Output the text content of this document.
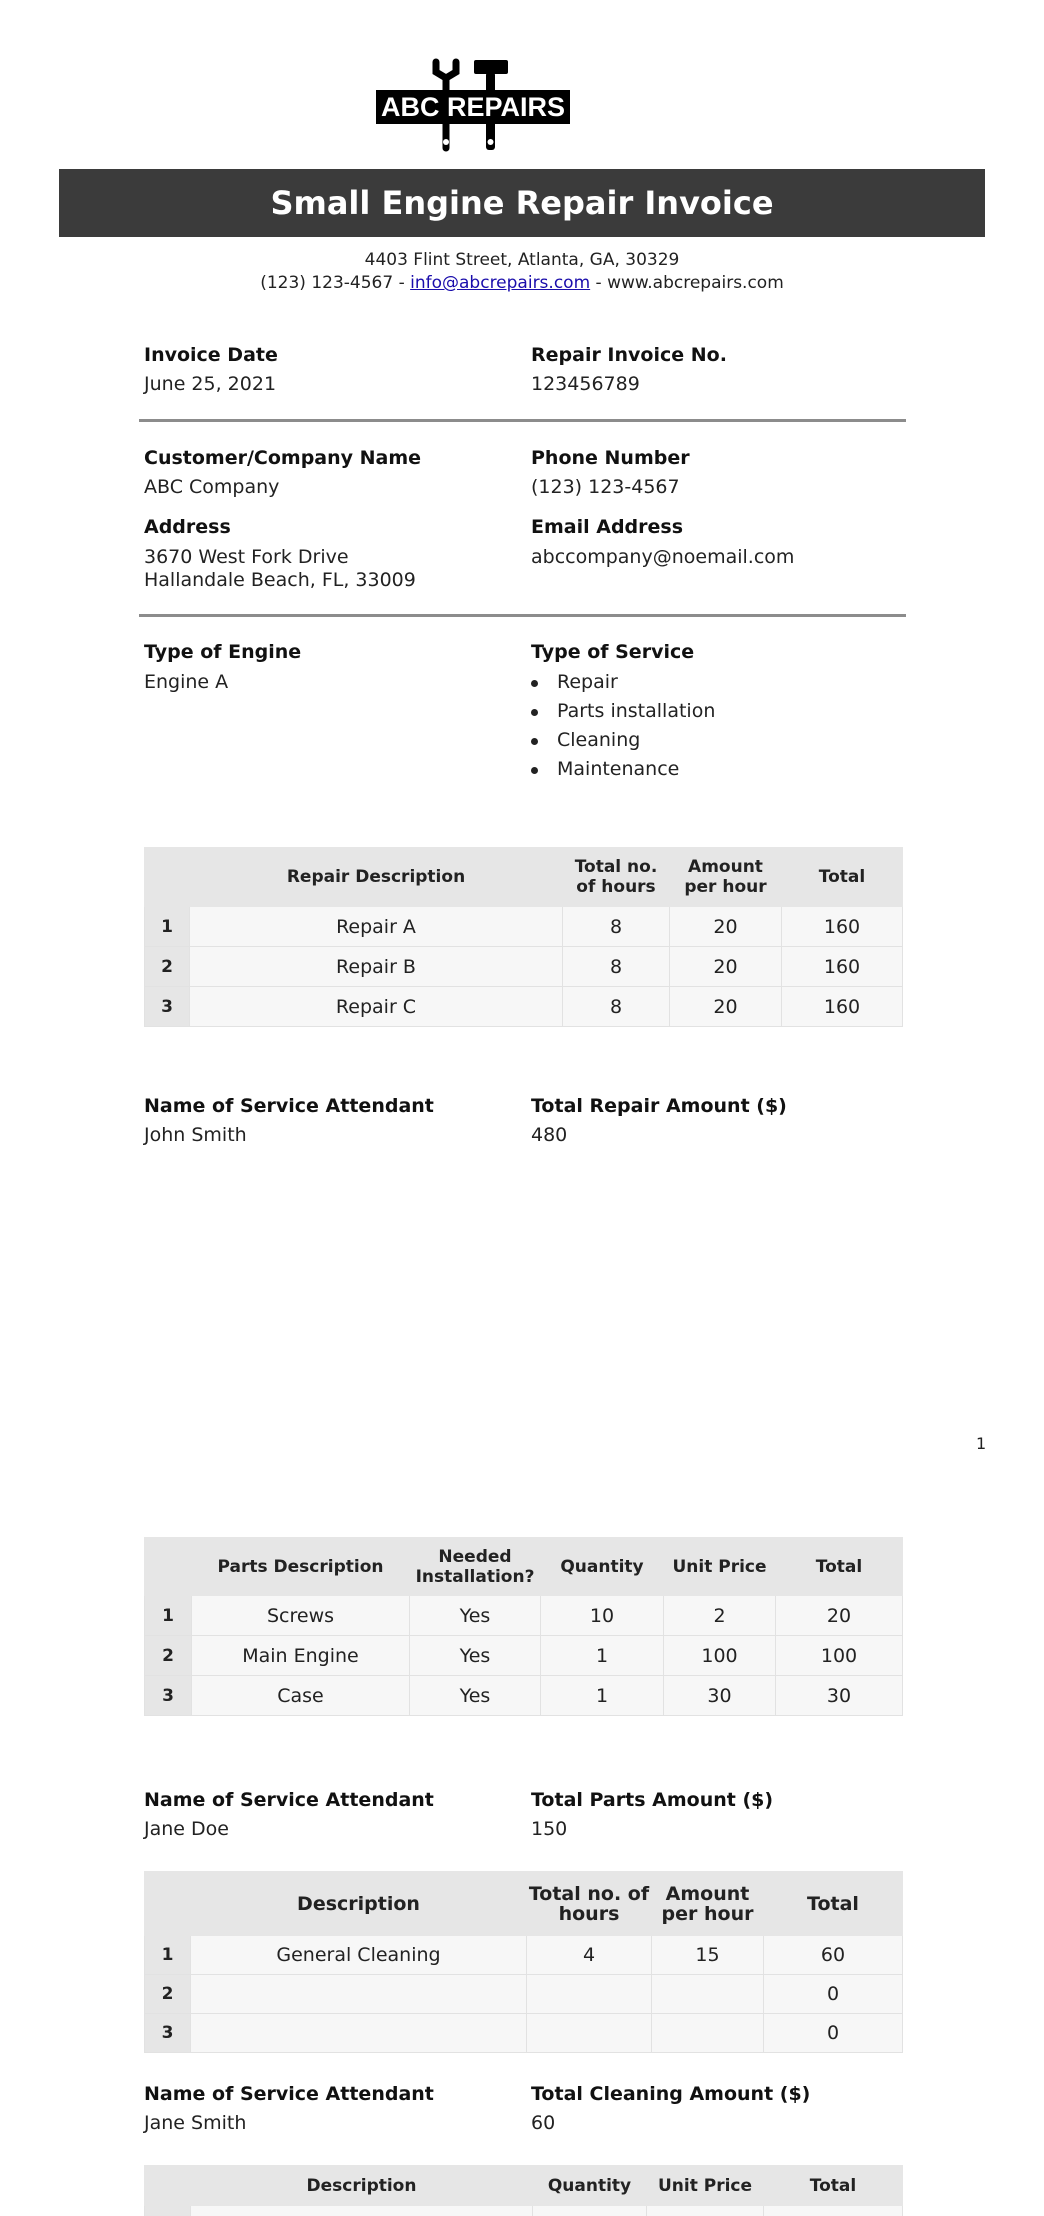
ABC REPAIRS
Small Engine Repair Invoice
4403 Flint Street, Atlanta, GA, 30329
(123) 123-4567 - info@abcrepairs.com - www.abcrepairs.com
Invoice Date
June 25, 2021
Repair Invoice No.
123456789
Customer/Company Name
ABC Company
Phone Number
(123) 123-4567
Address
3670 West Fork Drive
Hallandale Beach, FL, 33009
Email Address
abccompany@noemail.com
Type of Engine
Engine A
Type of Service
Repair
Parts installation
Cleaning
Maintenance
	Repair Description	Total no. of hours	Amount per hour	Total
1	Repair A	8	20	160
2	Repair B	8	20	160
3	Repair C	8	20	160
Name of Service Attendant
John Smith
Total Repair Amount ($)
480
1
	Parts Description	Needed Installation?	Quantity	Unit Price	Total
1	Screws	Yes	10	2	20
2	Main Engine	Yes	1	100	100
3	Case	Yes	1	30	30
Name of Service Attendant
Jane Doe
Total Parts Amount ($)
150
	Description	Total no. of hours	Amount per hour	Total
1	General Cleaning	4	15	60
2				0
3				0
Name of Service Attendant
Jane Smith
Total Cleaning Amount ($)
60
	Description	Quantity	Unit Price	Total
